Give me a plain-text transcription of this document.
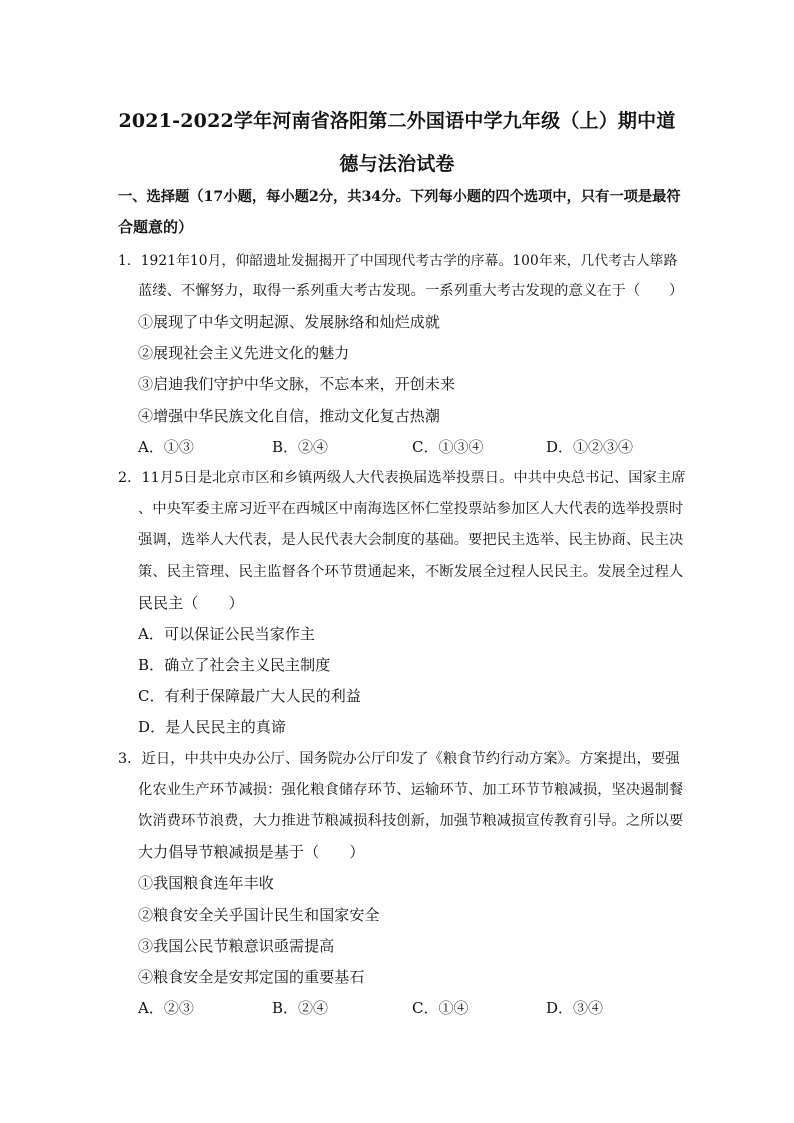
2021-2022学年河南省洛阳第二外国语中学九年级（上）期中道
德与法治试卷
一、选择题（17小题，每小题2分，共34分。下列每小题的四个选项中，只有一项是最符
合题意的）
1．1921年10月，仰韶遗址发掘揭开了中国现代考古学的序幕。100年来，几代考古人筚路
蓝缕、不懈努力，取得一系列重大考古发现。一系列重大考古发现的意义在于（　　）
①展现了中华文明起源、发展脉络和灿烂成就
②展现社会主义先进文化的魅力
③启迪我们守护中华文脉，不忘本来，开创未来
④增强中华民族文化自信，推动文化复古热潮
A．①③	B．②④	C．①③④	D．①②③④
2．11月5日是北京市区和乡镇两级人大代表换届选举投票日。中共中央总书记、国家主席
、中央军委主席习近平在西城区中南海选区怀仁堂投票站参加区人大代表的选举投票时
强调，选举人大代表，是人民代表大会制度的基础。要把民主选举、民主协商、民主决
策、民主管理、民主监督各个环节贯通起来，不断发展全过程人民民主。发展全过程人
民民主（　　）
A．可以保证公民当家作主
B．确立了社会主义民主制度
C．有利于保障最广大人民的利益
D．是人民民主的真谛
3．近日，中共中央办公厅、国务院办公厅印发了《粮食节约行动方案》。方案提出，要强
化农业生产环节减损：强化粮食储存环节、运输环节、加工环节节粮减损，坚决遏制餐
饮消费环节浪费，大力推进节粮减损科技创新，加强节粮减损宣传教育引导。之所以要
大力倡导节粮减损是基于（　　）
①我国粮食连年丰收
②粮食安全关乎国计民生和国家安全
③我国公民节粮意识亟需提高
④粮食安全是安邦定国的重要基石
A．②③	B．②④	C．①④	D．③④
